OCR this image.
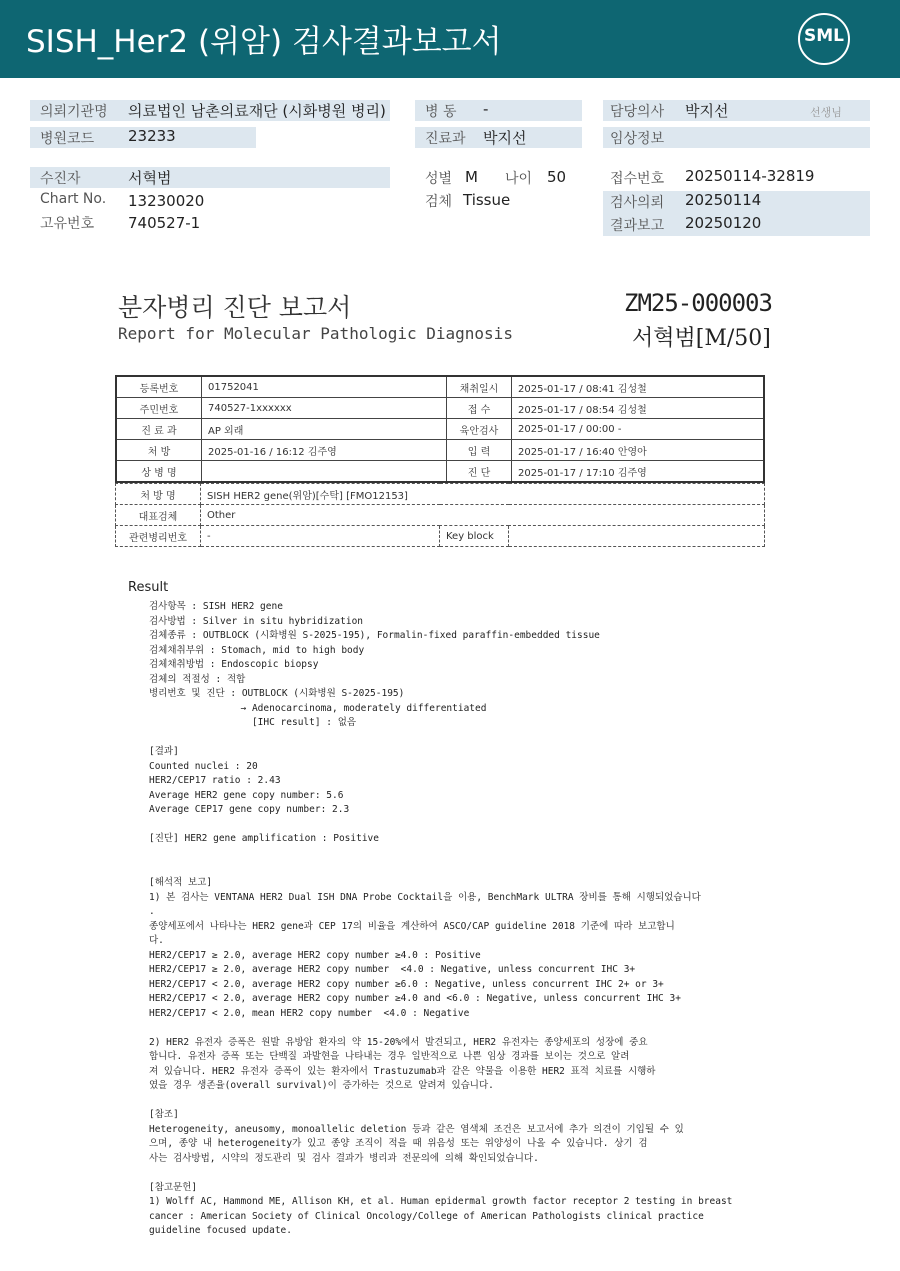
SISH_Her2 (위암) 검사결과보고서	SML
의뢰기관명 의료법인 남촌의료재단 (시화병원 병리)	병 동 -	담당의사 박지선	선생님
병원코드 23233	진료과 박지선	임상정보
수진자	서혁범	성별 M 나이 50	접수번호 20250114-32819
Chart No. 13230020	검체 Tissue	검사의뢰 20250114
결과보고 20250120
고유번호 740527-1
분자병리 진단 보고서
Report for Molecular Pathologic Diagnosis
ZM25-000003
서혁범[M/50]
등록번호	01752041	채취일시	2025-01-17 / 08:41 김성철
주민번호	740527-1xxxxxx	접 수	2025-01-17 / 08:54 김성철
진 료 과	AP 외래	육안검사	2025-01-17 / 00:00 -
처 방	2025-01-16 / 16:12 김주영	입 력	2025-01-17 / 16:40 안영아
상 병 명		진 단	2025-01-17 / 17:10 김주영
처 방 명	SISH HER2 gene(위암)[수탁] [FMO12153]		
대표검체	Other		
관련병리번호	-	Key block	
Result
검사항목 : SISH HER2 gene
검사방법 : Silver in situ hybridization
검체종류 : OUTBLOCK (시화병원 S-2025-195), Formalin-fixed paraffin-embedded tissue
검체채취부위 : Stomach, mid to high body
검체채취방법 : Endoscopic biopsy
검체의 적절성 : 적합
병리번호 및 진단 : OUTBLOCK (시화병원 S-2025-195)
→ Adenocarcinoma, moderately differentiated
[IHC result] : 없음
[결과]
Counted nuclei : 20
HER2/CEP17 ratio : 2.43
Average HER2 gene copy number: 5.6
Average CEP17 gene copy number: 2.3

[진단] HER2 gene amplification : Positive
[해석적 보고]
1) 본 검사는 VENTANA HER2 Dual ISH DNA Probe Cocktail을 이용, BenchMark ULTRA 장비를 통해 시행되었습니다
.
종양세포에서 나타나는 HER2 gene과 CEP 17의 비율을 계산하여 ASCO/CAP guideline 2018 기준에 따라 보고합니
다.
HER2/CEP17 ≥ 2.0, average HER2 copy number ≥4.0 : Positive
HER2/CEP17 ≥ 2.0, average HER2 copy number  <4.0 : Negative, unless concurrent IHC 3+
HER2/CEP17 < 2.0, average HER2 copy number ≥6.0 : Negative, unless concurrent IHC 2+ or 3+
HER2/CEP17 < 2.0, average HER2 copy number ≥4.0 and <6.0 : Negative, unless concurrent IHC 3+
HER2/CEP17 < 2.0, mean HER2 copy number  <4.0 : Negative

2) HER2 유전자 증폭은 원발 유방암 환자의 약 15-20%에서 발견되고, HER2 유전자는 종양세포의 성장에 중요
합니다. 유전자 증폭 또는 단백질 과발현을 나타내는 경우 일반적으로 나쁜 임상 경과를 보이는 것으로 알려
져 있습니다. HER2 유전자 증폭이 있는 환자에서 Trastuzumab과 같은 약물을 이용한 HER2 표적 치료를 시행하
였을 경우 생존율(overall survival)이 증가하는 것으로 알려져 있습니다.

[참조]
Heterogeneity, aneusomy, monoallelic deletion 등과 같은 염색체 조건은 보고서에 추가 의견이 기입될 수 있
으며, 종양 내 heterogeneity가 있고 종양 조직이 적을 때 위음성 또는 위양성이 나올 수 있습니다. 상기 검
사는 검사방법, 시약의 정도관리 및 검사 결과가 병리과 전문의에 의해 확인되었습니다.

[참고문헌]
1) Wolff AC, Hammond ME, Allison KH, et al. Human epidermal growth factor receptor 2 testing in breast
cancer : American Society of Clinical Oncology/College of American Pathologists clinical practice
guideline focused update.
